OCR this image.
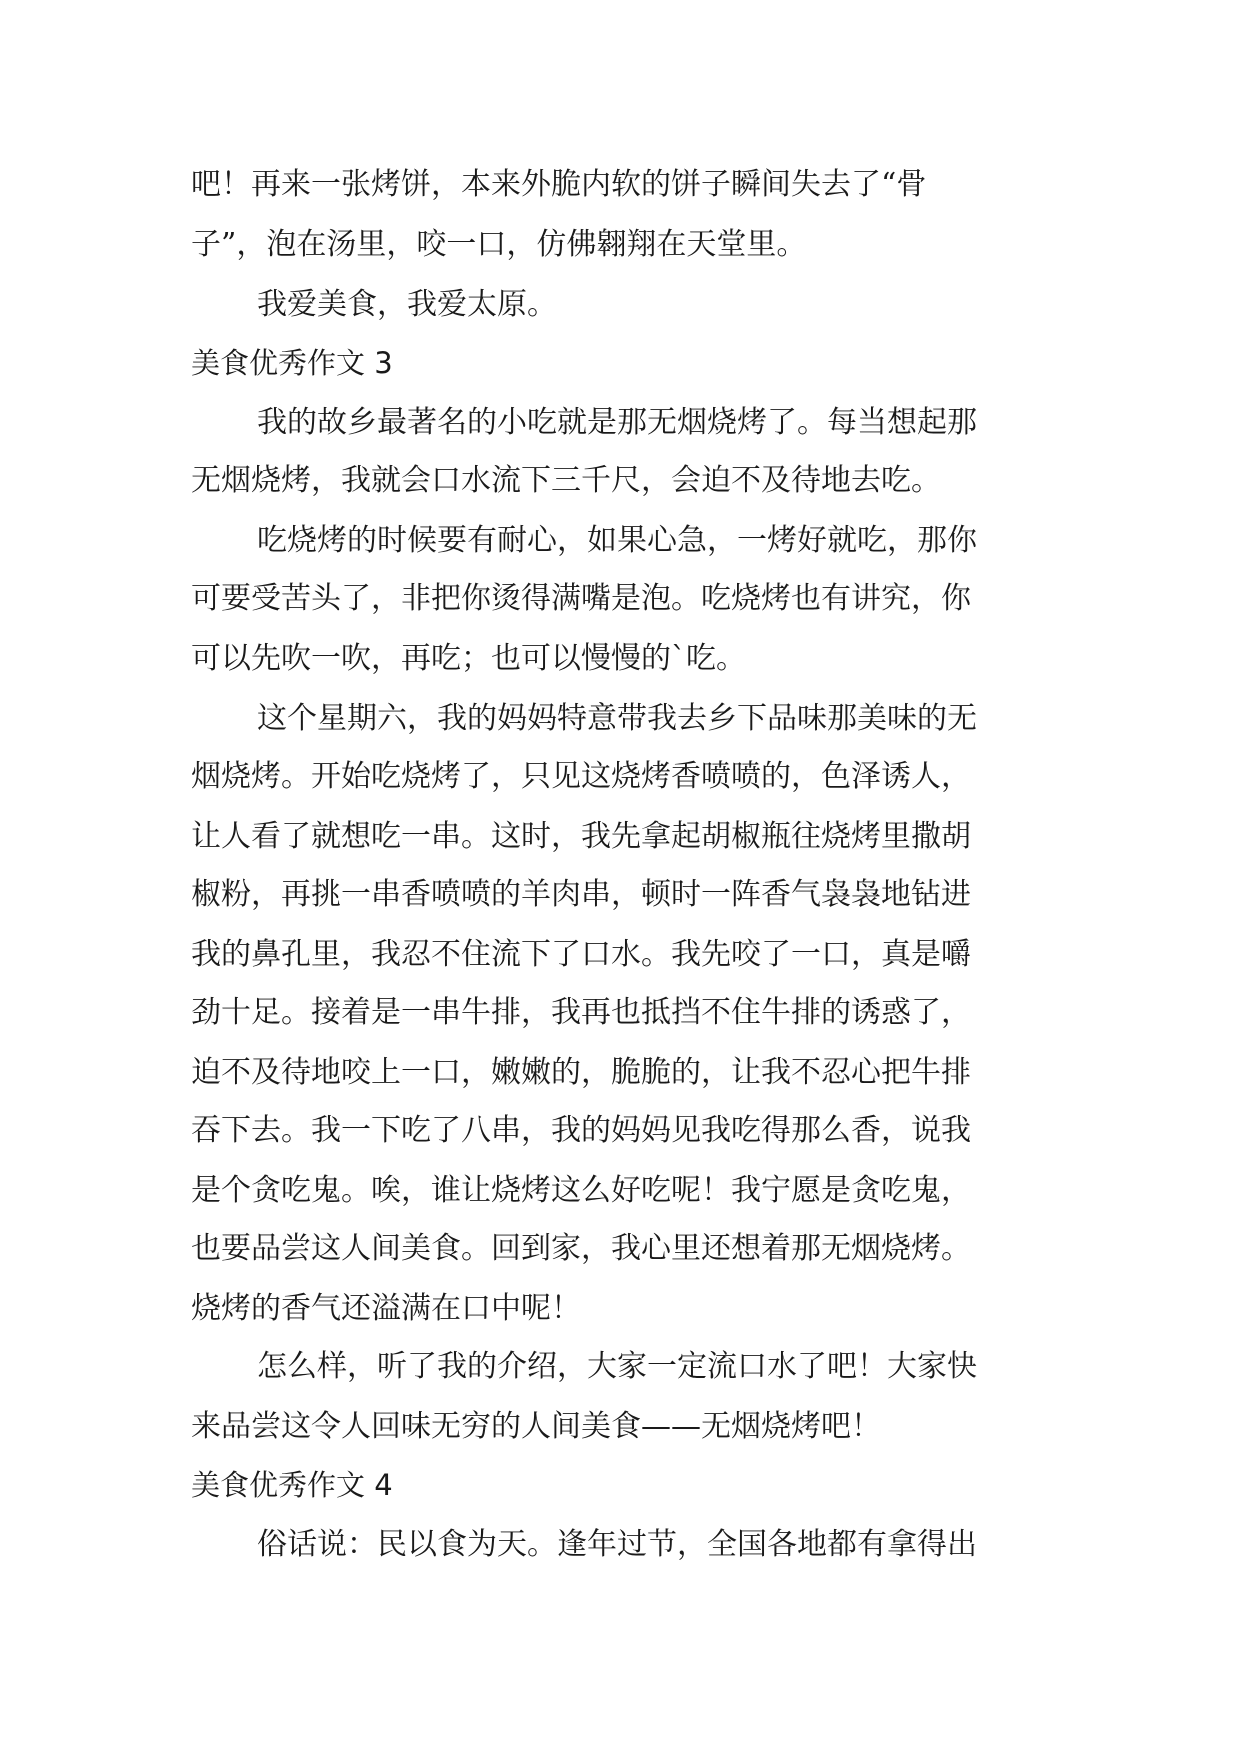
吧！再来一张烤饼，本来外脆内软的饼子瞬间失去了“骨
子”，泡在汤里，咬一口，仿佛翱翔在天堂里。
我爱美食，我爱太原。
美食优秀作文 3
我的故乡最著名的小吃就是那无烟烧烤了。每当想起那
无烟烧烤，我就会口水流下三千尺，会迫不及待地去吃。
吃烧烤的时候要有耐心，如果心急，一烤好就吃，那你
可要受苦头了，非把你烫得满嘴是泡。吃烧烤也有讲究，你
可以先吹一吹，再吃；也可以慢慢的`吃。
这个星期六，我的妈妈特意带我去乡下品味那美味的无
烟烧烤。开始吃烧烤了，只见这烧烤香喷喷的，色泽诱人，
让人看了就想吃一串。这时，我先拿起胡椒瓶往烧烤里撒胡
椒粉，再挑一串香喷喷的羊肉串，顿时一阵香气袅袅地钻进
我的鼻孔里，我忍不住流下了口水。我先咬了一口，真是嚼
劲十足。接着是一串牛排，我再也抵挡不住牛排的诱惑了，
迫不及待地咬上一口，嫩嫩的，脆脆的，让我不忍心把牛排
吞下去。我一下吃了八串，我的妈妈见我吃得那么香，说我
是个贪吃鬼。唉，谁让烧烤这么好吃呢！我宁愿是贪吃鬼，
也要品尝这人间美食。回到家，我心里还想着那无烟烧烤。
烧烤的香气还溢满在口中呢！
怎么样，听了我的介绍，大家一定流口水了吧！大家快
来品尝这令人回味无穷的人间美食——无烟烧烤吧！
美食优秀作文 4
俗话说：民以食为天。逢年过节，全国各地都有拿得出
